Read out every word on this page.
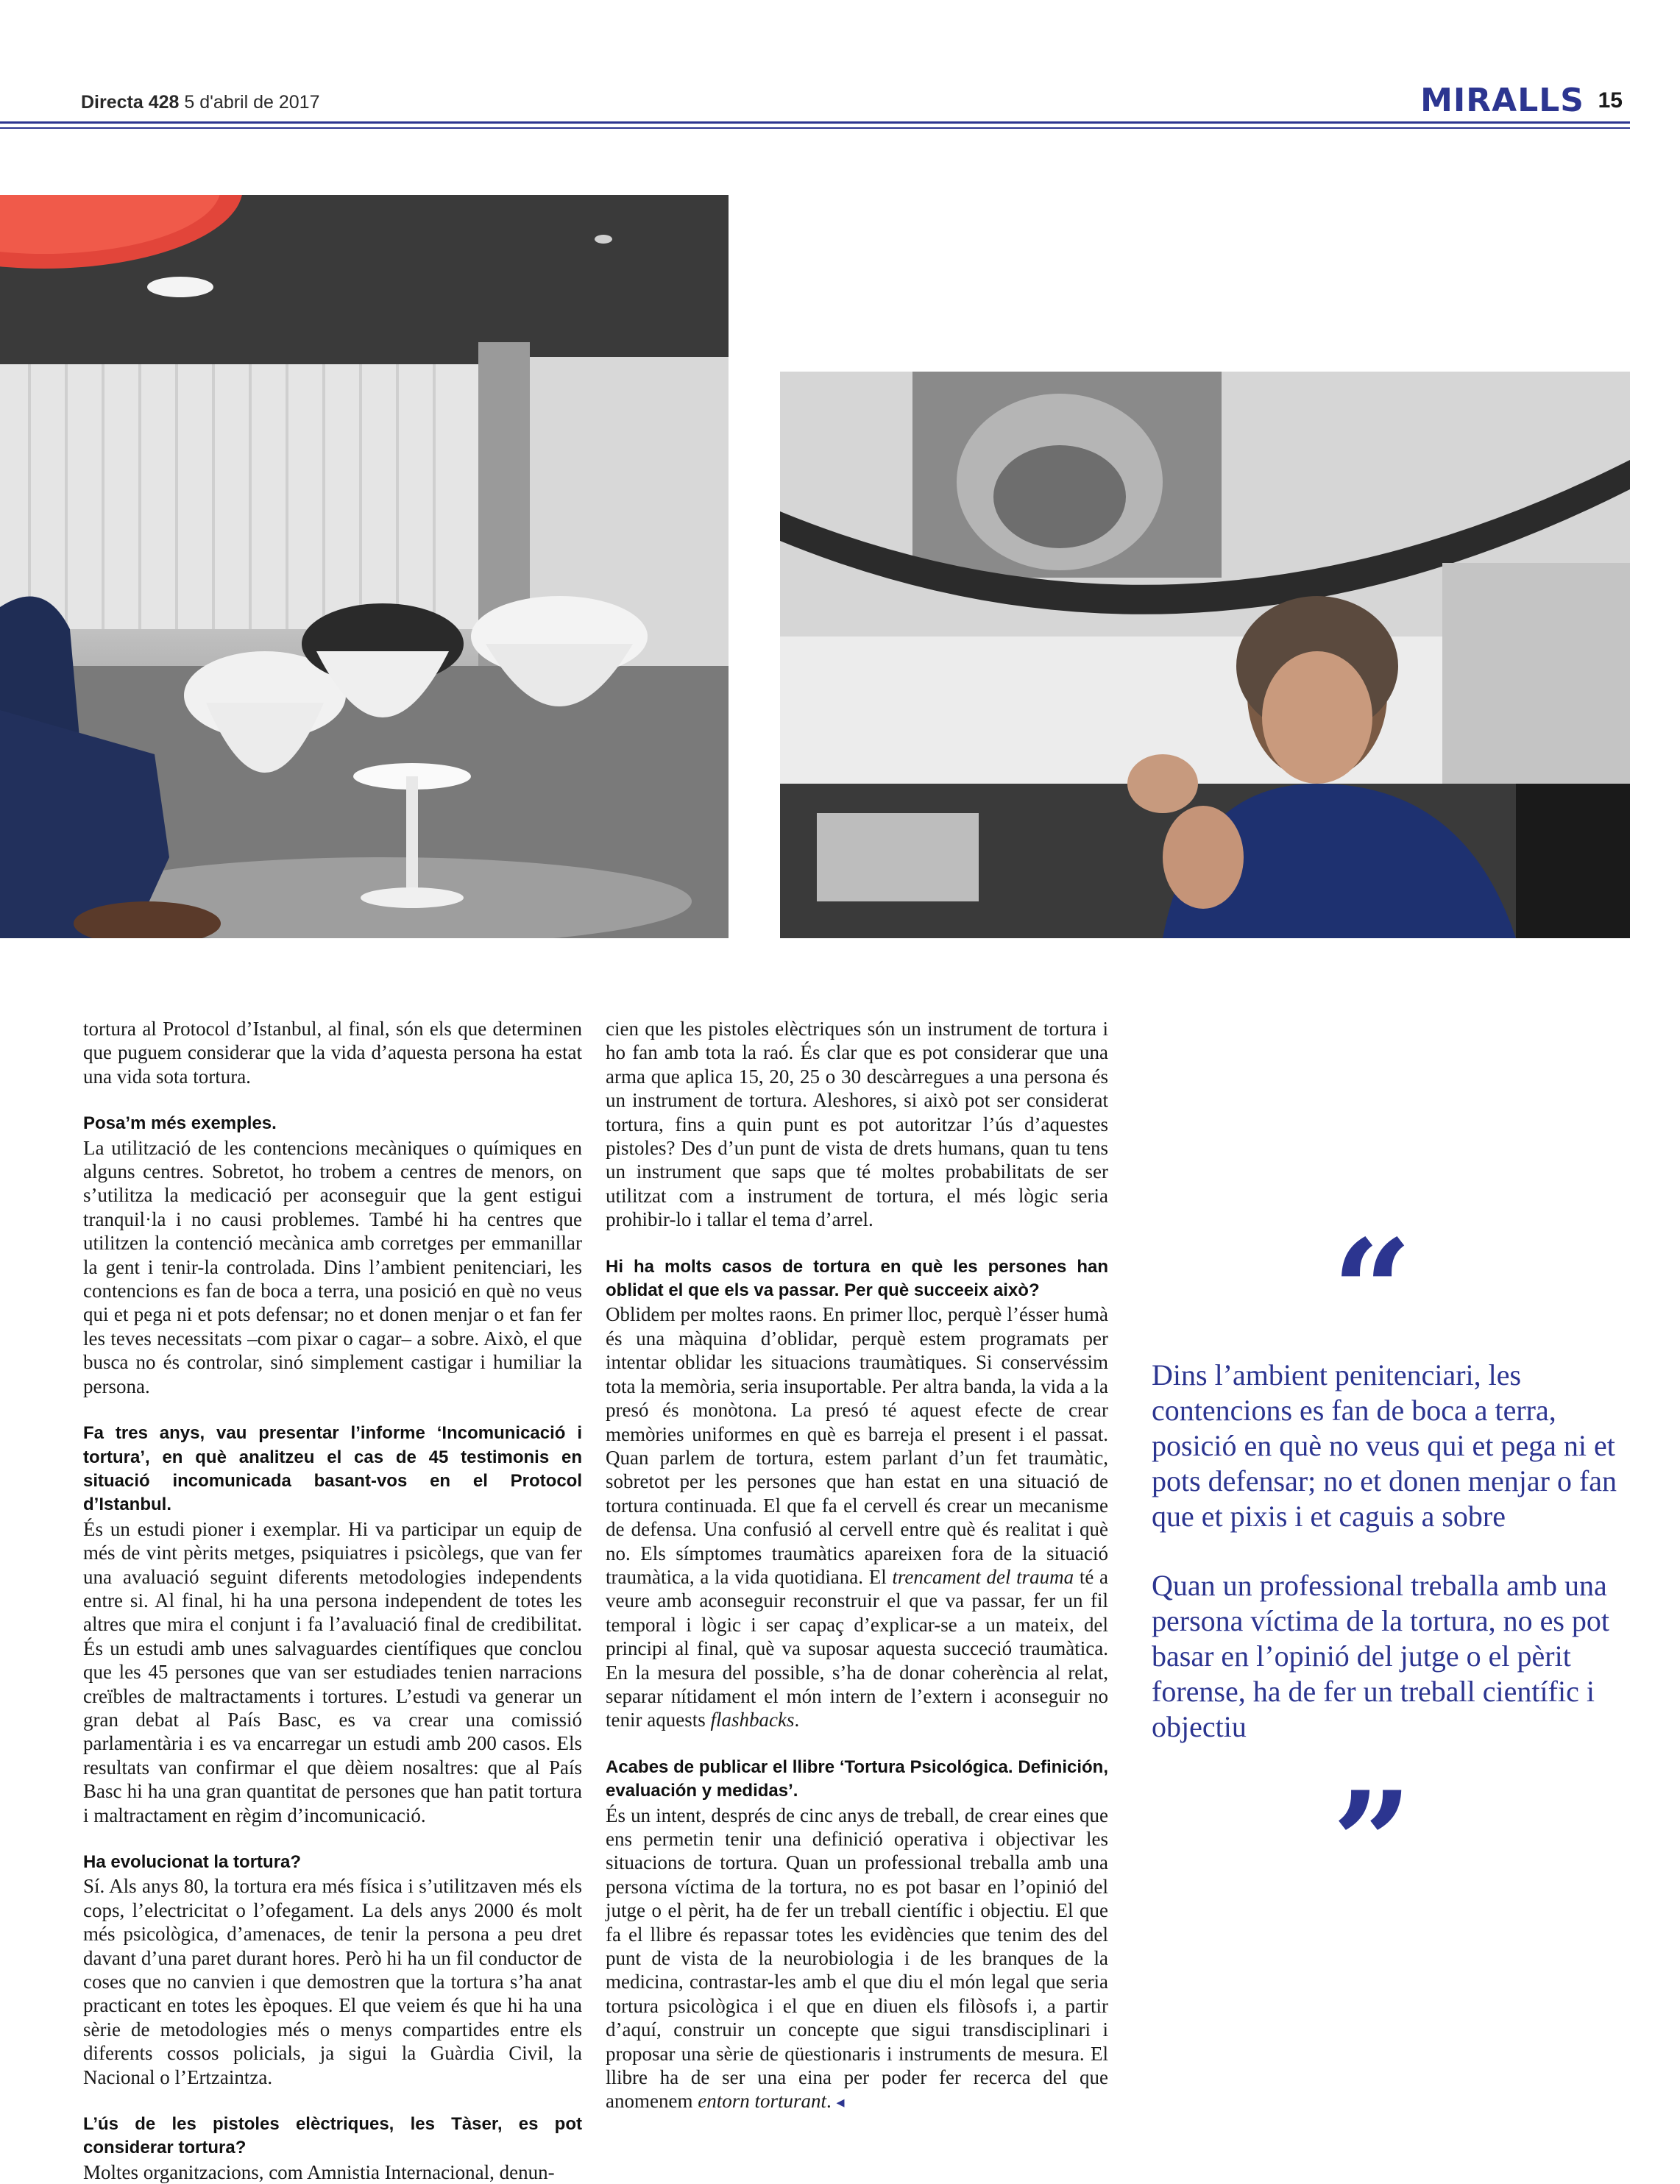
Directa 428 5 d'abril de 2017	MIRALLS 15

tortura al Protocol d’Istanbul, al final, són els que determinen que puguem considerar que la vida d’aquesta persona ha estat una vida sota tortura.

Posa’m més exemples.

La utilització de les contencions mecàniques o químiques en alguns centres. Sobretot, ho trobem a centres de menors, on s’utilitza la medicació per aconseguir que la gent estigui tranquil·la i no causi problemes. També hi ha centres que utilitzen la contenció mecànica amb corretges per emmanillar la gent i tenir-la controlada. Dins l’ambient penitenciari, les contencions es fan de boca a terra, una posició en què no veus qui et pega ni et pots defensar; no et donen menjar o et fan fer les teves necessitats –com pixar o cagar– a sobre. Això, el que busca no és controlar, sinó simplement castigar i humiliar la persona.

Fa tres anys, vau presentar l’informe ‘Incomunicació i tortura’, en què analitzeu el cas de 45 testimonis en situació incomunicada basant-vos en el Protocol d’Istanbul.

És un estudi pioner i exemplar. Hi va participar un equip de més de vint pèrits metges, psiquiatres i psicòlegs, que van fer una avaluació seguint diferents metodologies independents entre si. Al final, hi ha una persona independent de totes les altres que mira el conjunt i fa l’avaluació final de credibilitat. És un estudi amb unes salvaguardes científiques que conclou que les 45 persones que van ser estudiades tenien narracions creïbles de maltractaments i tortures. L’estudi va generar un gran debat al País Basc, es va crear una comissió parlamentària i es va encarregar un estudi amb 200 casos. Els resultats van confirmar el que dèiem nosaltres: que al País Basc hi ha una gran quantitat de persones que han patit tortura i maltractament en règim d’incomunicació.

Ha evolucionat la tortura?

Sí. Als anys 80, la tortura era més física i s’utilitzaven més els cops, l’electricitat o l’ofegament. La dels anys 2000 és molt més psicològica, d’amenaces, de tenir la persona a peu dret davant d’una paret durant hores. Però hi ha un fil conductor de coses que no canvien i que demostren que la tortura s’ha anat practicant en totes les èpoques. El que veiem és que hi ha una sèrie de metodologies més o menys compartides entre els diferents cossos policials, ja sigui la Guàrdia Civil, la Nacional o l’Ertzaintza.

L’ús de les pistoles elèctriques, les Tàser, es pot considerar tortura?

Moltes organitzacions, com Amnistia Internacional, denun-

cien que les pistoles elèctriques són un instrument de tortura i ho fan amb tota la raó. És clar que es pot considerar que una arma que aplica 15, 20, 25 o 30 descàrregues a una persona és un instrument de tortura. Aleshores, si això pot ser considerat tortura, fins a quin punt es pot autoritzar l’ús d’aquestes pistoles? Des d’un punt de vista de drets humans, quan tu tens un instrument que saps que té moltes probabilitats de ser utilitzat com a instrument de tortura, el més lògic seria prohibir-lo i tallar el tema d’arrel.

Hi ha molts casos de tortura en què les persones han oblidat el que els va passar. Per què succeeix això?

Oblidem per moltes raons. En primer lloc, perquè l’ésser humà és una màquina d’oblidar, perquè estem programats per intentar oblidar les situacions traumàtiques. Si conservéssim tota la memòria, seria insuportable. Per altra banda, la vida a la presó és monòtona. La presó té aquest efecte de crear memòries uniformes en què es barreja el present i el passat. Quan parlem de tortura, estem parlant d’un fet traumàtic, sobretot per les persones que han estat en una situació de tortura continuada. El que fa el cervell és crear un mecanisme de defensa. Una confusió al cervell entre què és realitat i què no. Els símptomes traumàtics apareixen fora de la situació traumàtica, a la vida quotidiana. El trencament del trauma té a veure amb aconseguir reconstruir el que va passar, fer un fil temporal i lògic i ser capaç d’explicar-se a un mateix, del principi al final, què va suposar aquesta succeció traumàtica. En la mesura del possible, s’ha de donar coherència al relat, separar nítidament el món intern de l’extern i aconseguir no tenir aquests flashbacks.

Acabes de publicar el llibre ‘Tortura Psicológica. Definición, evaluación y medidas’.

És un intent, després de cinc anys de treball, de crear eines que ens permetin tenir una definició operativa i objectivar les situacions de tortura. Quan un professional treballa amb una persona víctima de la tortura, no es pot basar en l’opinió del jutge o el pèrit, ha de fer un treball científic i objectiu. El que fa el llibre és repassar totes les evidències que tenim des del punt de vista de la neurobiologia i de les branques de la medicina, contrastar-les amb el que diu el món legal que seria tortura psicològica i el que en diuen els filòsofs i, a partir d’aquí, construir un concepte que sigui transdisciplinari i proposar una sèrie de qüestionaris i instruments de mesura. El llibre ha de ser una eina per poder fer recerca del que anomenem entorn torturant. ◂

“

Dins l’ambient penitenciari, les contencions es fan de boca a terra, posició en què no veus qui et pega ni et pots defensar; no et donen menjar o fan que et pixis i et caguis a sobre

Quan un professional treballa amb una persona víctima de la tortura, no es pot basar en l’opinió del jutge o el pèrit forense, ha de fer un treball científic i objectiu

”
